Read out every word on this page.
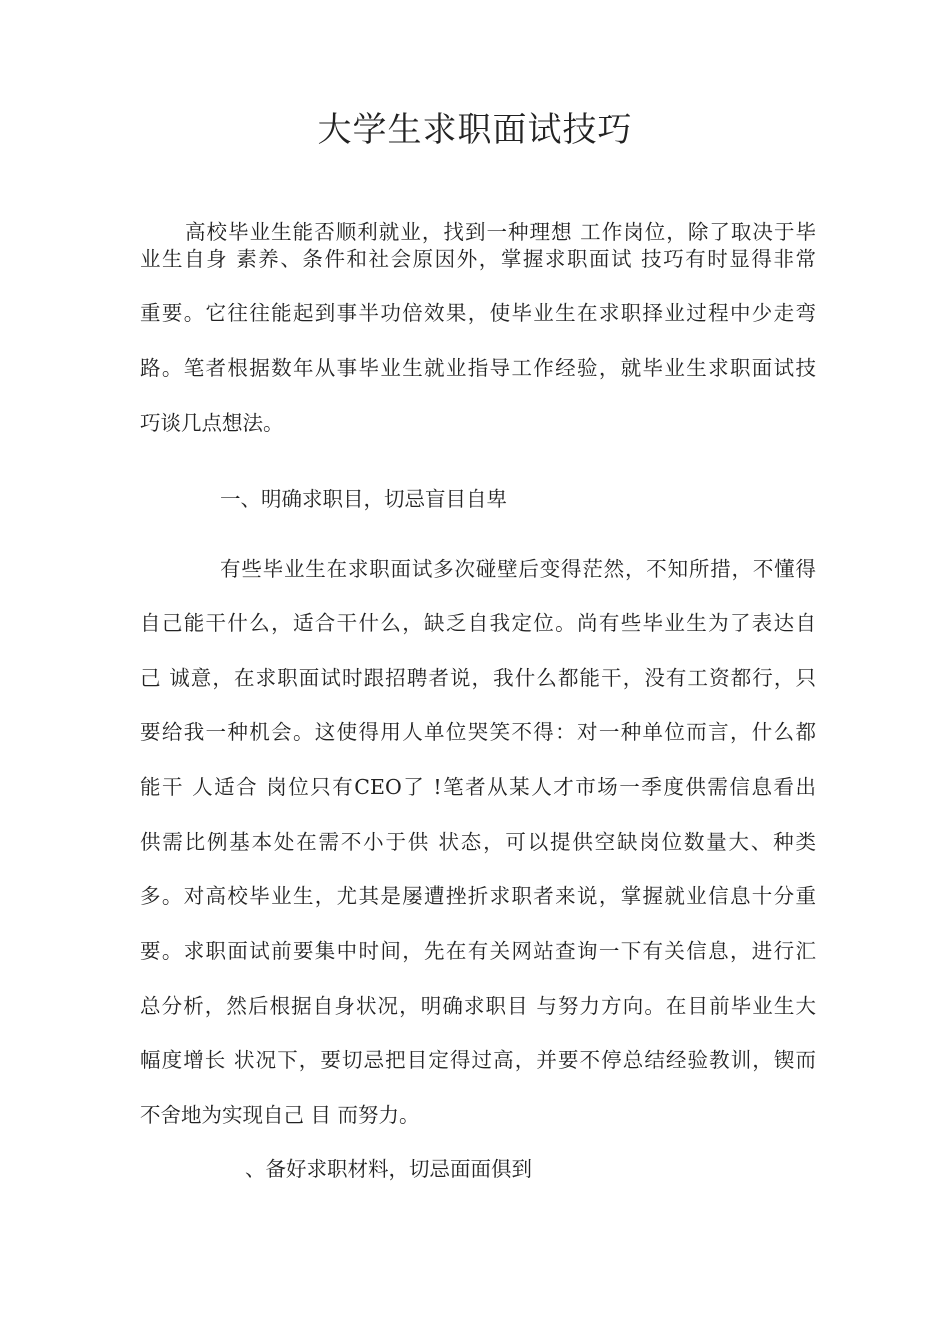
大学生求职面试技巧
高校毕业生能否顺利就业，找到一种理想 工作岗位，除了取决于毕
业生自身 素养、条件和社会原因外，掌握求职面试 技巧有时显得非常
重要。它往往能起到事半功倍效果，使毕业生在求职择业过程中少走弯
路。笔者根据数年从事毕业生就业指导工作经验，就毕业生求职面试技
巧谈几点想法。
一、明确求职目，切忌盲目自卑
有些毕业生在求职面试多次碰壁后变得茫然，不知所措，不懂得
自己能干什么，适合干什么，缺乏自我定位。尚有些毕业生为了表达自
己 诚意，在求职面试时跟招聘者说，我什么都能干，没有工资都行，只
要给我一种机会。这使得用人单位哭笑不得：对一种单位而言，什么都
能干 人适合 岗位只有CEO了 !笔者从某人才市场一季度供需信息看出
供需比例基本处在需不小于供 状态，可以提供空缺岗位数量大、种类
多。对高校毕业生，尤其是屡遭挫折求职者来说，掌握就业信息十分重
要。求职面试前要集中时间，先在有关网站查询一下有关信息，进行汇
总分析，然后根据自身状况，明确求职目 与努力方向。在目前毕业生大
幅度增长 状况下，要切忌把目定得过高，并要不停总结经验教训，锲而
不舍地为实现自己 目 而努力。
、备好求职材料，切忌面面俱到
